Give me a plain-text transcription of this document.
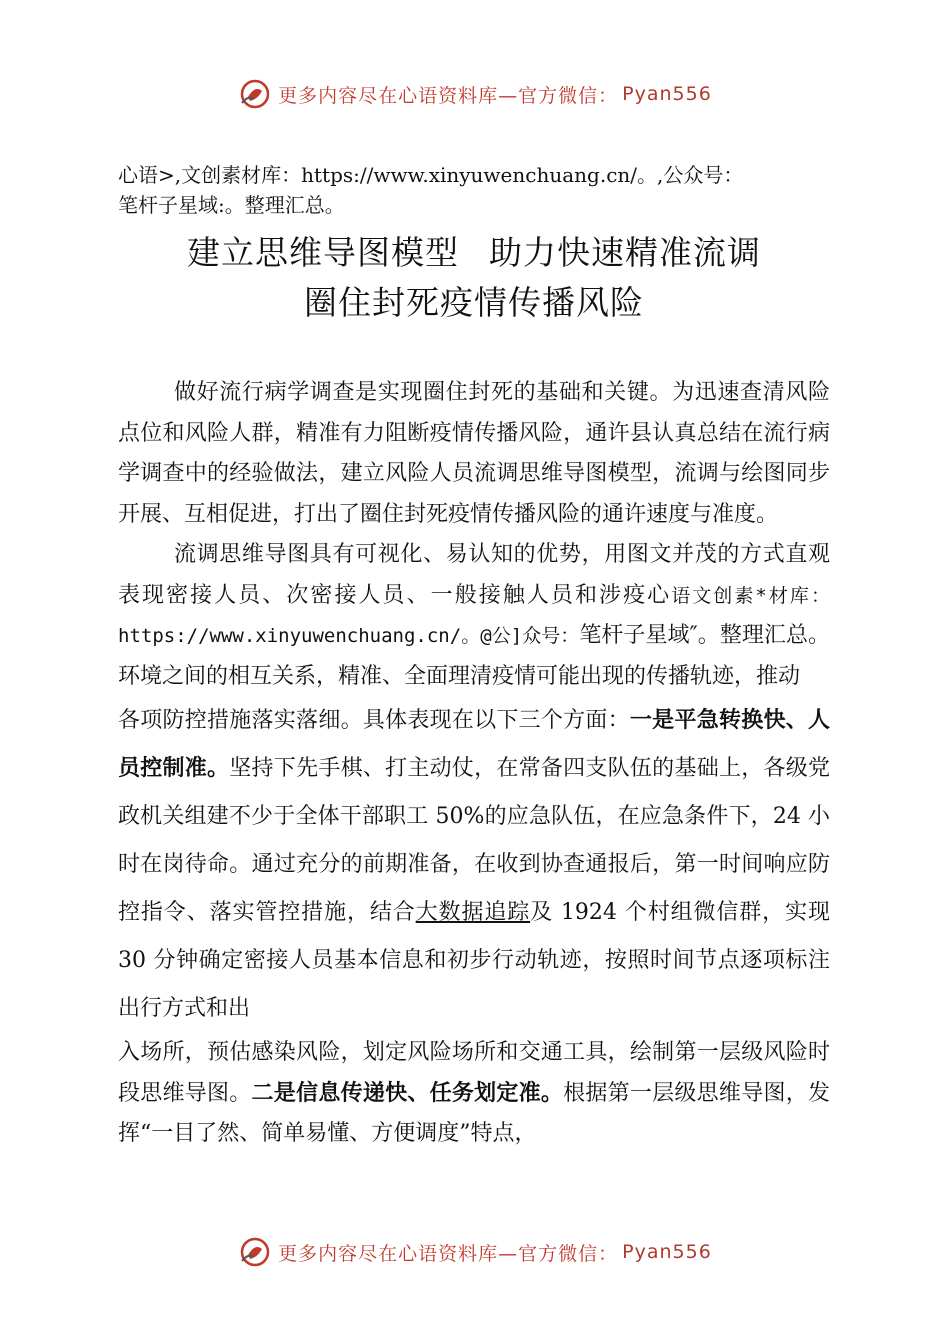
更多内容尽在心语资料库—官方微信： Pyan556

心语>,文创素材库：https://www.xinyuwenchuang.cn/。,公众号：

笔杆子星域:。整理汇总。

建立思维导图模型 助力快速精准流调
圈住封死疫情传播风险

做好流行病学调查是实现圈住封死的基础和关键。为迅速查清风险点位和风险人群，精准有力阻断疫情传播风险，通许县认真总结在流行病学调查中的经验做法，建立风险人员流调思维导图模型，流调与绘图同步开展、互相促进，打出了圈住封死疫情传播风险的通许速度与准度。

流调思维导图具有可视化、易认知的优势，用图文并茂的方式直观表现密接人员、次密接人员、一般接触人员和涉疫心语文创素*材库：https://www.xinyuwenchuang.cn/。@公]众号：笔杆子星域″。整理汇总。环境之间的相互关系，精准、全面理清疫情可能出现的传播轨迹，推动

各项防控措施落实落细。具体表现在以下三个方面：一是平急转换快、人员控制准。坚持下先手棋、打主动仗，在常备四支队伍的基础上，各级党政机关组建不少于全体干部职工 50%的应急队伍，在应急条件下，24 小时在岗待命。通过充分的前期准备，在收到协查通报后，第一时间响应防控指令、落实管控措施，结合大数据追踪及 1924 个村组微信群，实现 30 分钟确定密接人员基本信息和初步行动轨迹，按照时间节点逐项标注出行方式和出

入场所，预估感染风险，划定风险场所和交通工具，绘制第一层级风险时段思维导图。二是信息传递快、任务划定准。根据第一层级思维导图，发挥“一目了然、简单易懂、方便调度”特点，

更多内容尽在心语资料库—官方微信： Pyan556
